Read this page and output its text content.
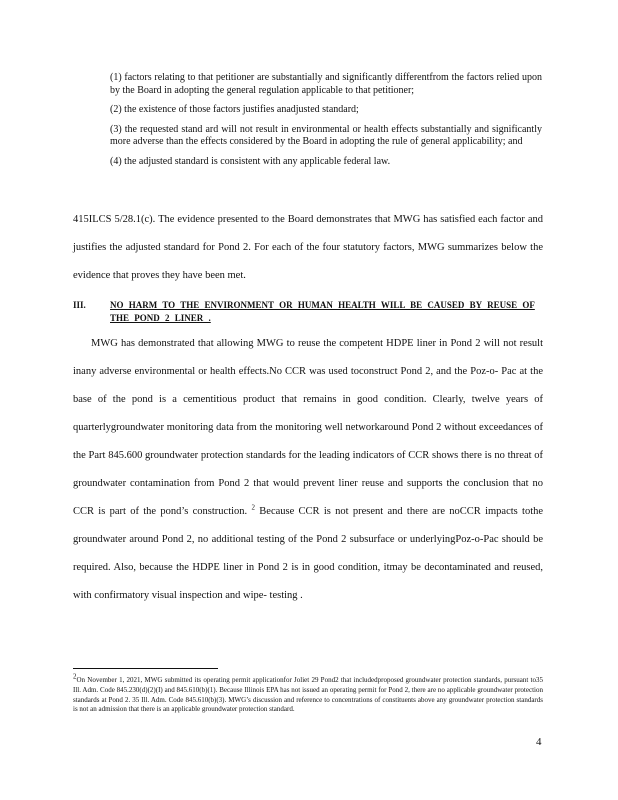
(1) factors relating to that petitioner are substantially and significantly differentfrom the factors relied upon by the Board in adopting the general regulation applicable to that petitioner;

(2) the existence of those factors justifies anadjusted standard;

(3) the requested stand ard will not result in environmental or health effects substantially and significantly more adverse than the effects considered by the Board in adopting the rule of general applicability; and

(4) the adjusted standard is consistent with any applicable federal law.

415ILCS 5/28.1(c). The evidence presented to the Board demonstrates that MWG has satisfied each factor and justifies the adjusted standard for Pond 2. For each of the four statutory factors, MWG summarizes below the evidence that proves they have been met.

III.	NO HARM TO THE ENVIRONMENT OR HUMAN HEALTH WILL BE CAUSED BY REUSE OF THE POND 2 LINER .

MWG has demonstrated that allowing MWG to reuse the competent HDPE liner in Pond 2 will not result inany adverse environmental or health effects.No CCR was used toconstruct Pond 2, and the Poz-o- Pac at the base of the pond is a cementitious product that remains in good condition. Clearly, twelve years of quarterlygroundwater monitoring data from the monitoring well networkaround Pond 2 without exceedances of the Part 845.600 groundwater protection standards for the leading indicators of CCR shows there is no threat of groundwater contamination from Pond 2 that would prevent liner reuse and supports the conclusion that no CCR is part of the pond’s construction. $^2$ Because CCR is not present and there are noCCR impacts tothe groundwater around Pond 2, no additional testing of the Pond 2 subsurface or underlyingPoz-o-Pac should be required. Also, because the HDPE liner in Pond 2 is in good condition, itmay be decontaminated and reused, with confirmatory visual inspection and wipe- testing .

$^2$On November 1, 2021, MWG submitted its operating permit applicationfor Joliet 29 Pond2 that includedproposed groundwater protection standards, pursuant to35 Ill. Adm. Code 845.230(d)(2)(I) and 845.610(b)(1). Because Illinois EPA has not issued an operating permit for Pond 2, there are no applicable groundwater protection standards at Pond 2. 35 Ill. Adm. Code 845.610(b)(3). MWG’s discussion and reference to concentrations of constituents above any groundwater protection standards is not an admission that there is an applicable groundwater protection standard.
4
